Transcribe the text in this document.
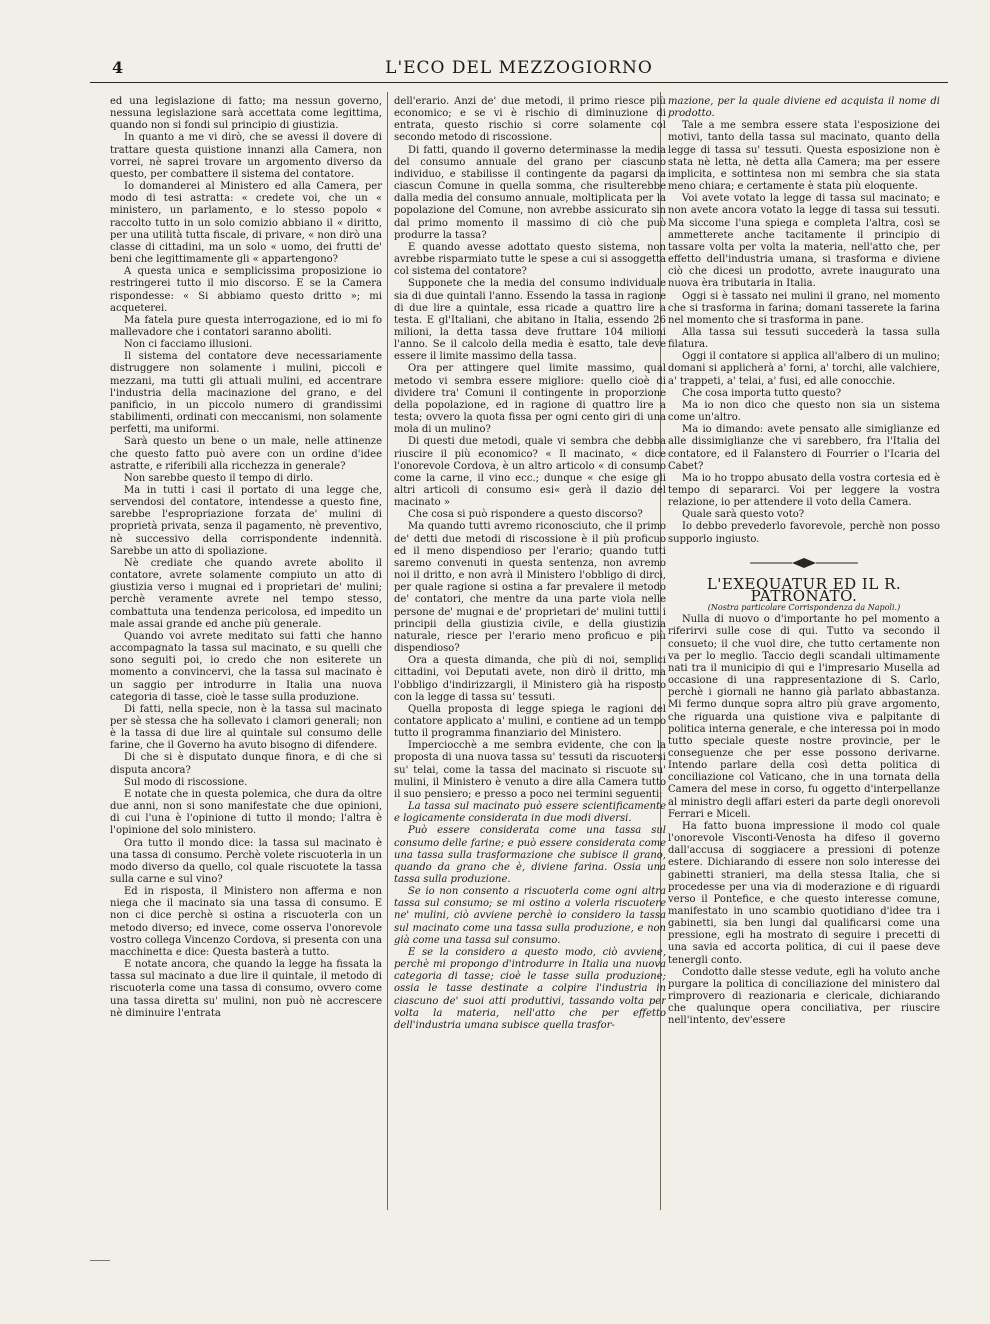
4	L'ECO DEL MEZZOGIORNO

ed una legislazione di fatto; ma nessun governo, nessuna legislazione sarà accettata come legittima, quando non si fondi sul principio di giustizia.

In quanto a me vi dirò, che se avessi il dovere di trattare questa quistione innanzi alla Camera, non vorrei, nè saprei trovare un argomento diverso da questo, per combattere il sistema del contatore.

Io domanderei al Ministero ed alla Camera, per modo di tesi astratta: « credete voi, che un « ministero, un parlamento, e lo stesso popolo « raccolto tutto in un solo comizio abbiano il « diritto, per una utilità tutta fiscale, di privare, « non dirò una classe di cittadini, ma un solo « uomo, dei frutti de' beni che legittimamente gli « appartengono?

A questa unica e semplicissima proposizione io restringerei tutto il mio discorso. E se la Camera rispondesse: « Si abbiamo questo dritto »; mi acqueterei.

Ma fatela pure questa interrogazione, ed io mi fo mallevadore che i contatori saranno aboliti.

Non ci facciamo illusioni.

Il sistema del contatore deve necessariamente distruggere non solamente i mulini, piccoli e mezzani, ma tutti gli attuali mulini, ed accentrare l'industria della macinazione del grano, e del panificio, in un piccolo numero di grandissimi stabilimenti, ordinati con meccanismi, non solamente perfetti, ma uniformi.

Sarà questo un bene o un male, nelle attinenze che questo fatto può avere con un ordine d'idee astratte, e riferibili alla ricchezza in generale?

Non sarebbe questo il tempo di dirlo.

Ma in tutti i casi il portato di una legge che, servendosi del contatore, intendesse a questo fine, sarebbe l'espropriazione forzata de' mulini di proprietà privata, senza il pagamento, nè preventivo, nè successivo della corrispondente indennità. Sarebbe un atto di spoliazione.

Nè crediate che quando avrete abolito il contatore, avrete solamente compiuto un atto di giustizia verso i mugnai ed i proprietari de' mulini; perchè veramente avrete nel tempo stesso, combattuta una tendenza pericolosa, ed impedito un male assai grande ed anche più generale.

Quando voi avrete meditato sui fatti che hanno accompagnato la tassa sul macinato, e su quelli che sono seguiti poi, io credo che non esiterete un momento a convincervi, che la tassa sul macinato è un saggio per introdurre in Italia una nuova categoria di tasse, cioè le tasse sulla produzione.

Di fatti, nella specie, non è la tassa sul macinato per sè stessa che ha sollevato i clamori generali; non è la tassa di due lire al quintale sul consumo delle farine, che il Governo ha avuto bisogno di difendere.

Di che si è disputato dunque finora, e di che si disputa ancora?

Sul modo di riscossione.

E notate che in questa polemica, che dura da oltre due anni, non si sono manifestate che due opinioni, di cui l'una è l'opinione di tutto il mondo; l'altra è l'opinione del solo ministero.

Ora tutto il mondo dice: la tassa sul macinato è una tassa di consumo. Perchè volete riscuoterla in un modo diverso da quello, col quale riscuotete la tassa sulla carne e sul vino?

Ed in risposta, il Ministero non afferma e non niega che il macinato sia una tassa di consumo. E non ci dice perchè si ostina a riscuoterla con un metodo diverso; ed invece, come osserva l'onorevole vostro collega Vincenzo Cordova, si presenta con una macchinetta e dice: Questa basterà a tutto.

E notate ancora, che quando la legge ha fissata la tassa sul macinato a due lire il quintale, il metodo di riscuoterla come una tassa di consumo, ovvero come una tassa diretta su' mulini, non può nè accrescere nè diminuire l'entrata

dell'erario. Anzi de' due metodi, il primo riesce più economico; e se vi è rischio di diminuzione di entrata, questo rischio si corre solamente col secondo metodo di riscossione.

Di fatti, quando il governo determinasse la media del consumo annuale del grano per ciascuno individuo, e stabilisse il contingente da pagarsi da ciascun Comune in quella somma, che risulterebbe dalla media del consumo annuale, moltiplicata per la popolazione del Comune, non avrebbe assicurato sin dal primo momento il massimo di ciò che può produrre la tassa?

E quando avesse adottato questo sistema, non avrebbe risparmiato tutte le spese a cui si assoggetta col sistema del contatore?

Supponete che la media del consumo individuale sia di due quintali l'anno. Essendo la tassa in ragione di due lire a quintale, essa ricade a quattro lire a testa. E gl'Italiani, che abitano in Italia, essendo 26 milioni, la detta tassa deve fruttare 104 milioni l'anno. Se il calcolo della media è esatto, tale deve essere il limite massimo della tassa.

Ora per attingere quel limite massimo, qual metodo vi sembra essere migliore: quello cioè di dividere tra' Comuni il contingente in proporzione della popolazione, ed in ragione di quattro lire a testa; ovvero la quota fissa per ogni cento giri di una mola di un mulino?

Di questi due metodi, quale vi sembra che debba riuscire il più economico? « Il macinato, « dice l'onorevole Cordova, è un altro articolo « di consumo come la carne, il vino ecc.; dunque « che esige gli altri articoli di consumo esi« gerà il dazio del macinato »

Che cosa si può rispondere a questo discorso?

Ma quando tutti avremo riconosciuto, che il primo de' detti due metodi di riscossione è il più proficuo ed il meno dispendioso per l'erario; quando tutti saremo convenuti in questa sentenza, non avremo noi il dritto, e non avrà il Ministero l'obbligo di dirci, per quale ragione si ostina a far prevalere il metodo de' contatori, che mentre da una parte viola nelle persone de' mugnai e de' proprietari de' mulini tutti i principii della giustizia civile, e della giustizia naturale, riesce per l'erario meno proficuo e più dispendioso?

Ora a questa dimanda, che più di noi, semplici cittadini, voi Deputati avete, non dirò il dritto, ma l'obbligo d'indirizzargli, il Ministero già ha risposto con la legge di tassa su' tessuti.

Quella proposta di legge spiega le ragioni del contatore applicato a' mulini, e contiene ad un tempo tutto il programma finanziario del Ministero.

Imperciocchè a me sembra evidente, che con la proposta di una nuova tassa su' tessuti da riscuotersi su' telai, come la tassa del macinato si riscuote su' mulini, il Ministero è venuto a dire alla Camera tutto il suo pensiero; e presso a poco nei termini seguenti:

La tassa sul macinato può essere scientificamente e logicamente considerata in due modi diversi.

Può essere considerata come una tassa sul consumo delle farine; e può essere considerata come una tassa sulla trasformazione che subisce il grano, quando da grano che è, diviene farina. Ossia una tassa sulla produzione.

Se io non consento a riscuoterla come ogni altra tassa sul consumo; se mi ostino a volerla riscuotere ne' mulini, ciò avviene perchè io considero la tassa sul macinato come una tassa sulla produzione, e non già come una tassa sul consumo.

E se la considero a questo modo, ciò avviene, perchè mi propongo d'introdurre in Italia una nuova categoria di tasse; cioè le tasse sulla produzione; ossia le tasse destinate a colpire l'industria in ciascuno de' suoi atti produttivi, tassando volta per volta la materia, nell'atto che per effetto dell'industria umana subisce quella trasfor-

mazione, per la quale diviene ed acquista il nome di prodotto.

Tale a me sembra essere stata l'esposizione dei motivi, tanto della tassa sul macinato, quanto della legge di tassa su' tessuti. Questa esposizione non è stata nè letta, nè detta alla Camera; ma per essere implicita, e sottintesa non mi sembra che sia stata meno chiara; e certamente è stata più eloquente.

Voi avete votato la legge di tassa sul macinato; e non avete ancora votato la legge di tassa sui tessuti. Ma siccome l'una spiega e completa l'altra, così se ammetterete anche tacitamente il principio di tassare volta per volta la materia, nell'atto che, per effetto dell'industria umana, si trasforma e diviene ciò che dicesi un prodotto, avrete inaugurato una nuova èra tributaria in Italia.

Oggi si è tassato nei mulini il grano, nel momento che si trasforma in farina; domani tasserete la farina nel momento che si trasforma in pane.

Alla tassa sui tessuti succederà la tassa sulla filatura.

Oggi il contatore si applica all'albero di un mulino; domani si applicherà a' forni, a' torchi, alle valchiere, a' trappeti, a' telai, a' fusi, ed alle conocchie.

Che cosa importa tutto questo?

Ma io non dico che questo non sia un sistema come un'altro.

Ma io dimando: avete pensato alle simiglianze ed alle dissimiglianze che vi sarebbero, fra l'Italia del contatore, ed il Falanstero di Fourrier o l'Icaria del Cabet?

Ma io ho troppo abusato della vostra cortesia ed è tempo di separarci. Voi per leggere la vostra relazione, io per attendere il voto della Camera.

Quale sarà questo voto?

Io debbo prevederlo favorevole, perchè non posso supporlo ingiusto.

L'EXEQUATUR ED IL R. PATRONATO.

(Nostra particolare Corrispondenza da Napoli.)

Nulla di nuovo o d'importante ho pel momento a riferirvi sulle cose di qui. Tutto va secondo il consueto; il che vuol dire, che tutto certamente non va per lo meglio. Taccio degli scandali ultimamente nati tra il municipio di qui e l'impresario Musella ad occasione di una rappresentazione di S. Carlo, perchè i giornali ne hanno già parlato abbastanza. Mi fermo dunque sopra altro più grave argomento, che riguarda una quistione viva e palpitante di politica interna generale, e che interessa poi in modo tutto speciale queste nostre provincie, per le conseguenze che per esse possono derivarne. Intendo parlare della così detta politica di conciliazione col Vaticano, che in una tornata della Camera del mese in corso, fu oggetto d'interpellanze al ministro degli affari esteri da parte degli onorevoli Ferrari e Miceli.

Ha fatto buona impressione il modo col quale l'onorevole Visconti-Venosta ha difeso il governo dall'accusa di soggiacere a pressioni di potenze estere. Dichiarando di essere non solo interesse dei gabinetti stranieri, ma della stessa Italia, che si procedesse per una via di moderazione e di riguardi verso il Pontefice, e che questo interesse comune, manifestato in uno scambio quotidiano d'idee tra i gabinetti, sia ben lungi dal qualificarsi come una pressione, egli ha mostrato di seguire i precetti di una savia ed accorta politica, di cui il paese deve tenergli conto.

Condotto dalle stesse vedute, egli ha voluto anche purgare la politica di conciliazione del ministero dal rimprovero di reazionaria e clericale, dichiarando che qualunque opera conciliativa, per riuscire nell'intento, dev'essere
